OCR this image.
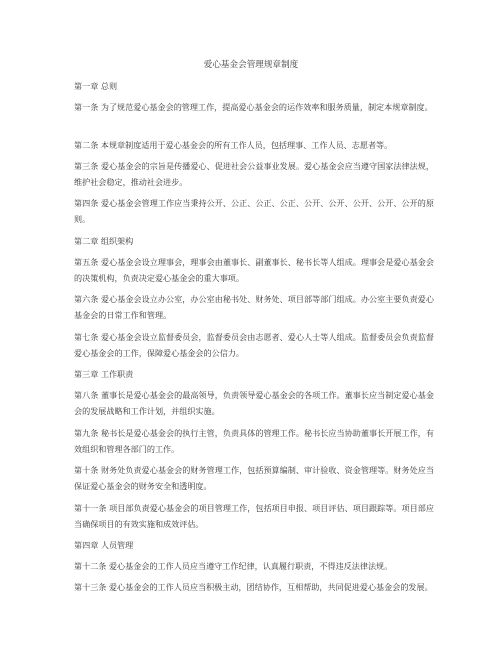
爱心基金会管理规章制度

第一章 总则

第一条 为了规范爱心基金会的管理工作，提高爱心基金会的运作效率和服务质量，制定本规章制度。

第二条 本规章制度适用于爱心基金会的所有工作人员，包括理事、工作人员、志愿者等。

第三条 爱心基金会的宗旨是传播爱心、促进社会公益事业发展。爱心基金会应当遵守国家法律法规，维护社会稳定，推动社会进步。

第四条 爱心基金会管理工作应当秉持公开、公正、公正、公正、公开、公开、公开、公开、公开的原则。

第二章 组织架构

第五条 爱心基金会设立理事会，理事会由董事长、副董事长、秘书长等人组成。理事会是爱心基金会的决策机构，负责决定爱心基金会的重大事项。

第六条 爱心基金会设立办公室，办公室由秘书处、财务处、项目部等部门组成。办公室主要负责爱心基金会的日常工作和管理。

第七条 爱心基金会设立监督委员会，监督委员会由志愿者、爱心人士等人组成。监督委员会负责监督爱心基金会的工作，保障爱心基金会的公信力。

第三章 工作职责

第八条 董事长是爱心基金会的最高领导，负责领导爱心基金会的各项工作。董事长应当制定爱心基金会的发展战略和工作计划，并组织实施。

第九条 秘书长是爱心基金会的执行主管，负责具体的管理工作。秘书长应当协助董事长开展工作，有效组织和管理各部门的工作。

第十条 财务处负责爱心基金会的财务管理工作，包括预算编制、审计验收、资金管理等。财务处应当保证爱心基金会的财务安全和透明度。

第十一条 项目部负责爱心基金会的项目管理工作，包括项目申报、项目评估、项目跟踪等。项目部应当确保项目的有效实施和成效评估。

第四章 人员管理

第十二条 爱心基金会的工作人员应当遵守工作纪律，认真履行职责，不得违反法律法规。

第十三条 爱心基金会的工作人员应当积极主动，团结协作，互相帮助，共同促进爱心基金会的发展。
